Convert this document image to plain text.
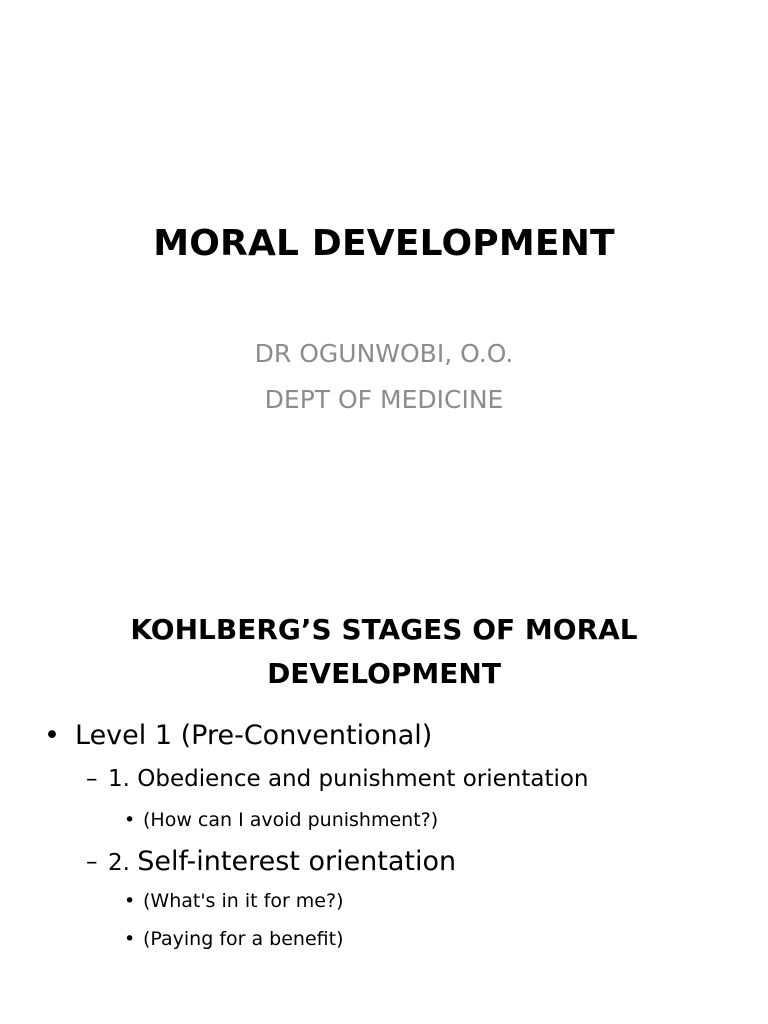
MORAL DEVELOPMENT
DR OGUNWOBI, O.O.
DEPT OF MEDICINE
KOHLBERG’S STAGES OF MORAL
DEVELOPMENT
• Level 1 (Pre-Conventional)
– 1. Obedience and punishment orientation
• (How can I avoid punishment?)
– 2. Self-interest orientation
• (What's in it for me?)
• (Paying for a benefit)
